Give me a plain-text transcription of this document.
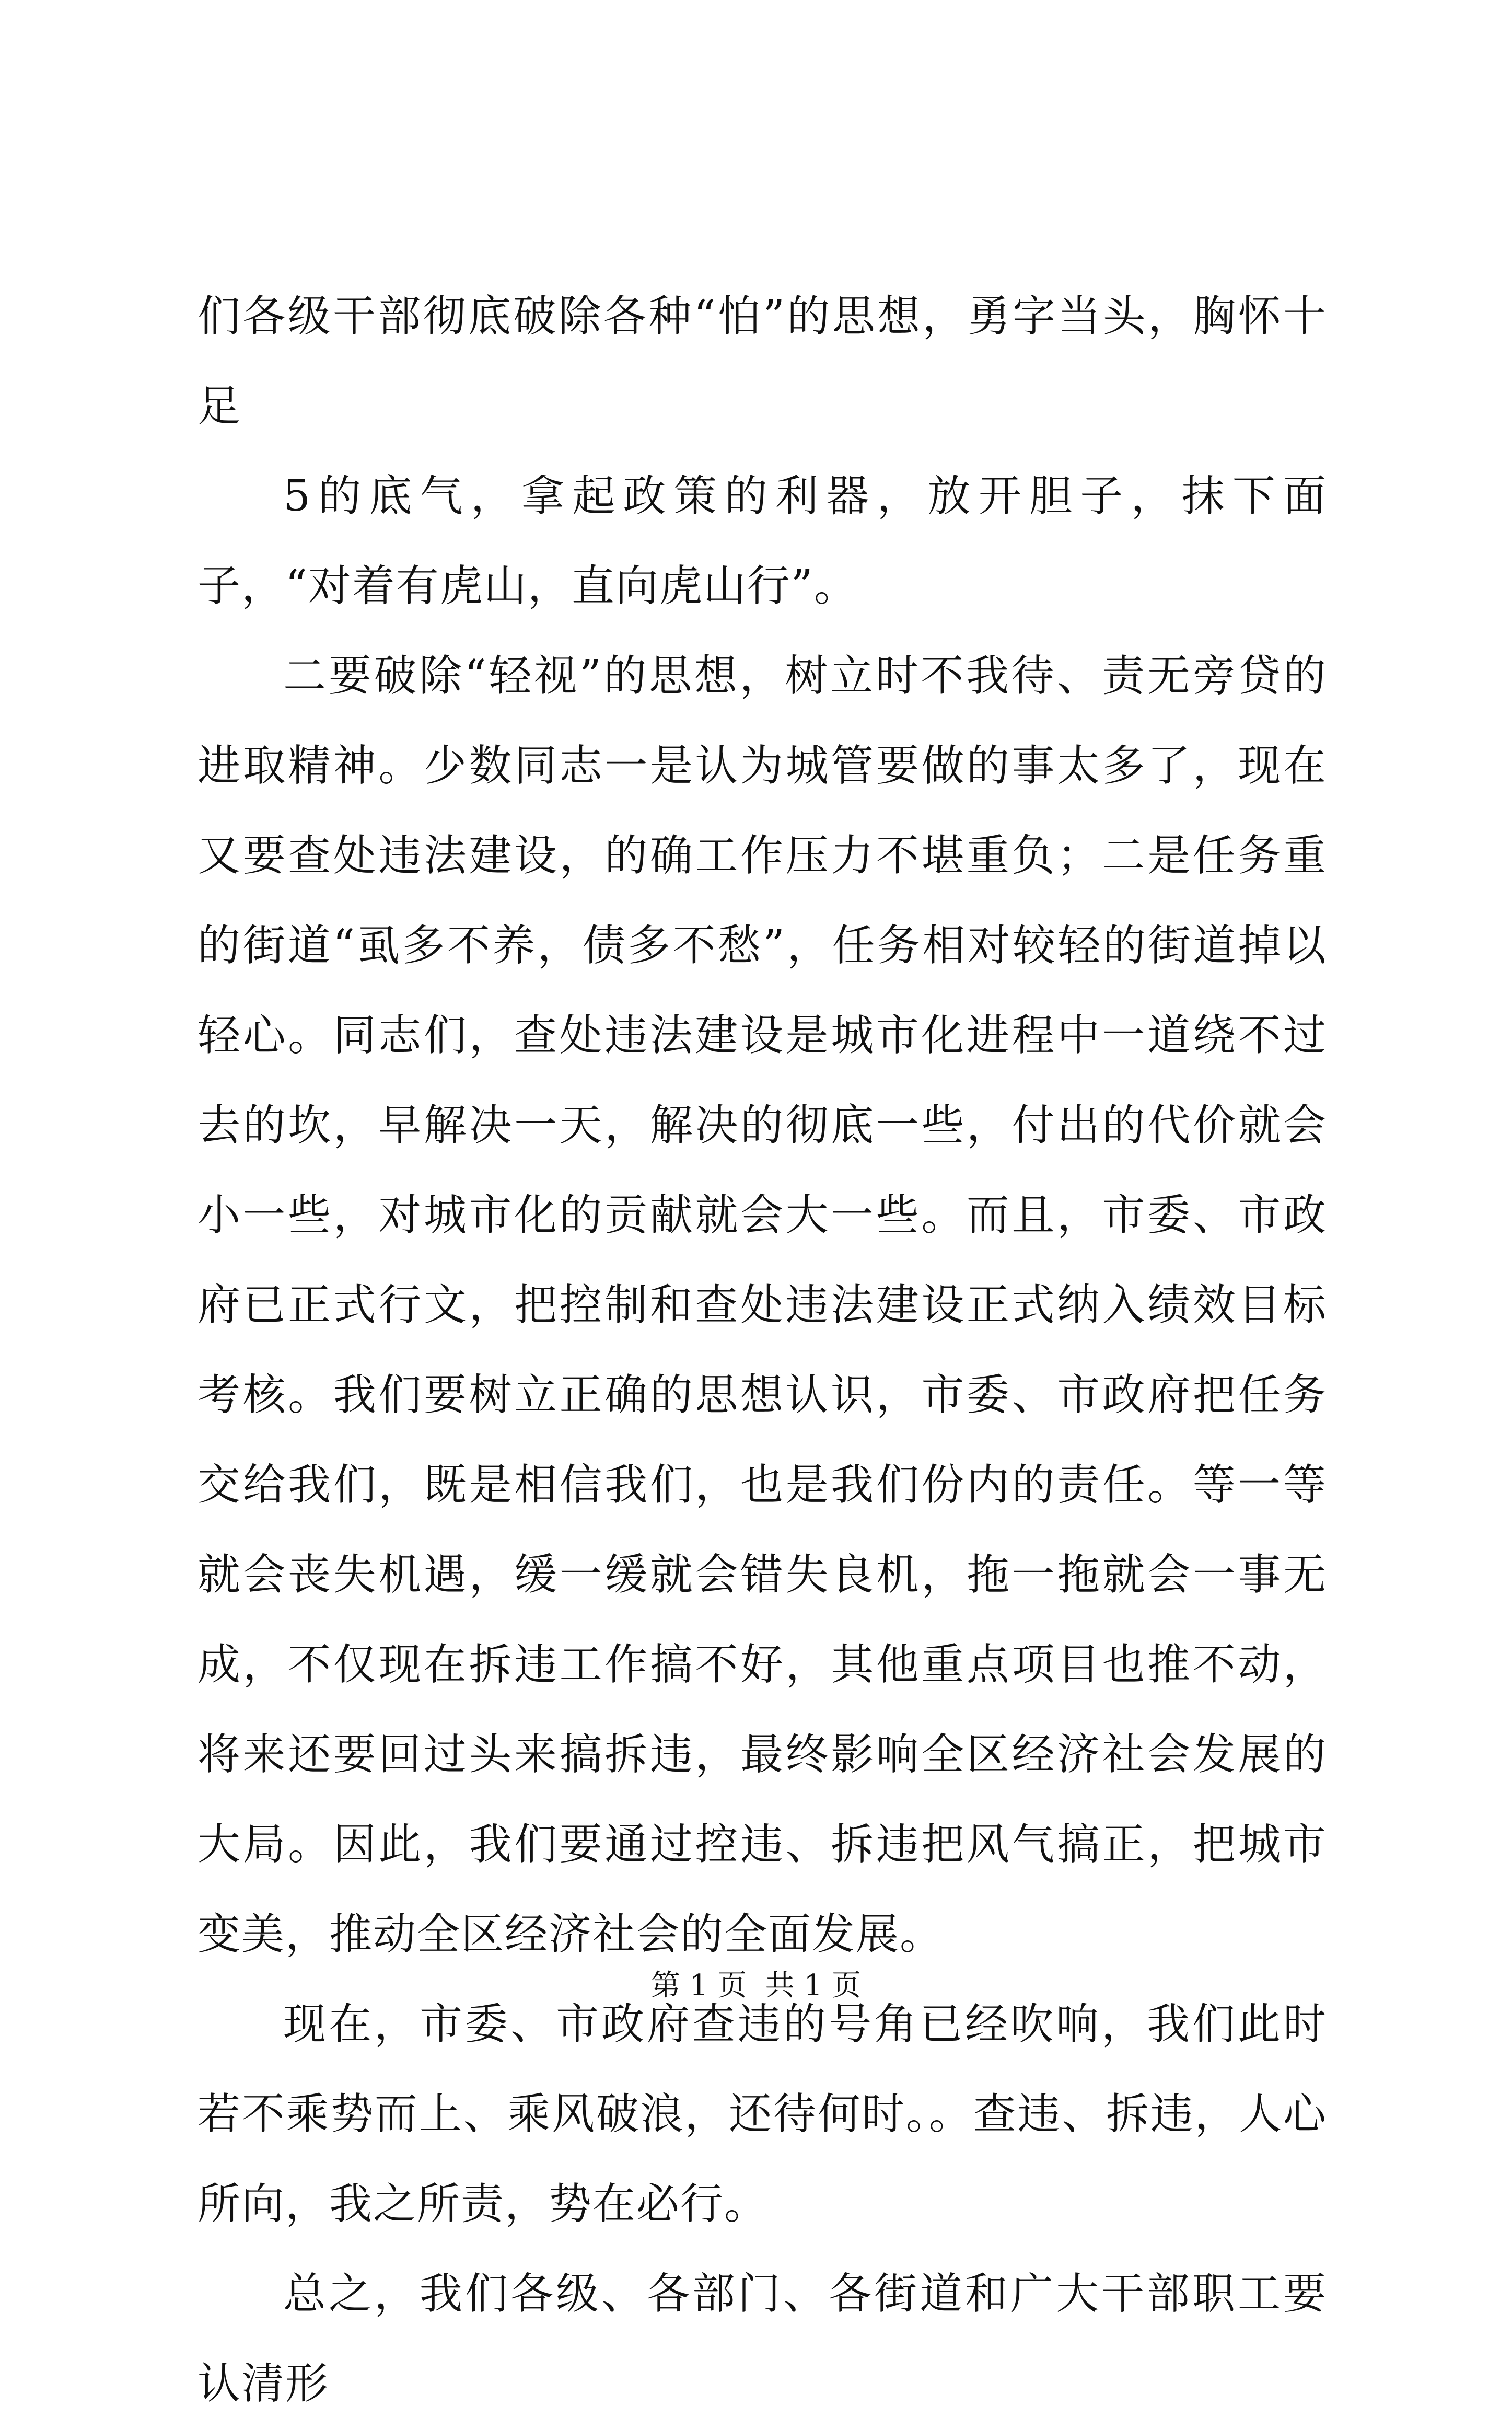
们各级干部彻底破除各种“怕”的思想，勇字当头，胸怀十足

5的底气，拿起政策的利器，放开胆子，抹下面子，“对着有虎山，直向虎山行”。

二要破除“轻视”的思想，树立时不我待、责无旁贷的进取精神。少数同志一是认为城管要做的事太多了，现在又要查处违法建设，的确工作压力不堪重负；二是任务重的街道“虱多不养，债多不愁”，任务相对较轻的街道掉以轻心。同志们，查处违法建设是城市化进程中一道绕不过去的坎，早解决一天，解决的彻底一些，付出的代价就会小一些，对城市化的贡献就会大一些。而且，市委、市政府已正式行文，把控制和查处违法建设正式纳入绩效目标考核。我们要树立正确的思想认识，市委、市政府把任务交给我们，既是相信我们，也是我们份内的责任。等一等就会丧失机遇，缓一缓就会错失良机，拖一拖就会一事无成，不仅现在拆违工作搞不好，其他重点项目也推不动，将来还要回过头来搞拆违，最终影响全区经济社会发展的大局。因此，我们要通过控违、拆违把风气搞正，把城市变美，推动全区经济社会的全面发展。

现在，市委、市政府查违的号角已经吹响，我们此时若不乘势而上、乘风破浪，还待何时。。查违、拆违，人心所向，我之所责，势在必行。

总之，我们各级、各部门、各街道和广大干部职工要认清形

第 1 页  共 1 页
